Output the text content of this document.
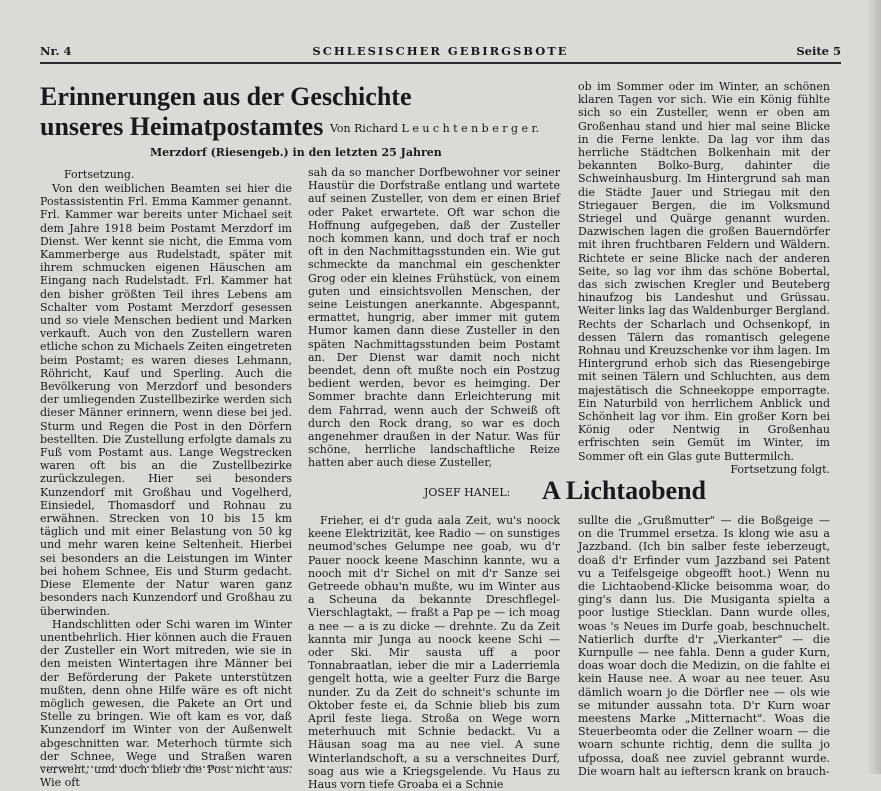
Nr. 4	SCHLESISCHER GEBIRGSBOTE	Seite 5
Erinnerungen aus der Geschichte
unseres Heimatpostamtes Von Richard L e u c h t e n b e r g e r.
Merzdorf (Riesengeb.) in den letzten 25 Jahren
Fortsetzung.

Von den weiblichen Beamten sei hier die Postassistentin Frl. Emma Kammer genannt. Frl. Kammer war bereits unter Michael seit dem Jahre 1918 beim Postamt Merzdorf im Dienst. Wer kennt sie nicht, die Emma vom Kammerberge aus Rudelstadt, später mit ihrem schmucken eigenen Häuschen am Eingang nach Rudelstadt. Frl. Kammer hat den bisher größten Teil ihres Lebens am Schalter vom Postamt Merzdorf gesessen und so viele Menschen bedient und Marken verkauft. Auch von den Zustellern waren etliche schon zu Michaels Zeiten eingetreten beim Postamt; es waren dieses Lehmann, Röhricht, Kauf und Sperling. Auch die Bevölkerung von Merzdorf und besonders der umliegenden Zustellbezirke werden sich dieser Männer erinnern, wenn diese bei jed. Sturm und Regen die Post in den Dörfern bestellten. Die Zustellung erfolgte damals zu Fuß vom Postamt aus. Lange Wegstrecken waren oft bis an die Zustellbezirke zurückzulegen. Hier sei besonders Kunzendorf mit Großhau und Vogelherd, Einsiedel, Thomasdorf und Rohnau zu erwähnen. Strecken von 10 bis 15 km täglich und mit einer Belastung von 50 kg und mehr waren keine Seltenheit. Hierbei sei besonders an die Leistungen im Winter bei hohem Schnee, Eis und Sturm gedacht. Diese Elemente der Natur waren ganz besonders nach Kunzendorf und Großhau zu überwinden.

Handschlitten oder Schi waren im Winter unentbehrlich. Hier können auch die Frauen der Zusteller ein Wort mitreden, wie sie in den meisten Wintertagen ihre Männer bei der Beförderung der Pakete unterstützen mußten, denn ohne Hilfe wäre es oft nicht möglich gewesen, die Pakete an Ort und Stelle zu bringen. Wie oft kam es vor, daß Kunzendorf im Winter von der Außenwelt abgeschnitten war. Meterhoch türmte sich der Schnee, Wege und Straßen waren verweht, und doch blieb die Post nicht aus. Wie oft

sah da so mancher Dorfbewohner vor seiner Haustür die Dorfstraße entlang und wartete auf seinen Zusteller, von dem er einen Brief oder Paket erwartete. Oft war schon die Hoffnung aufgegeben, daß der Zusteller noch kommen kann, und doch traf er noch oft in den Nachmittagsstunden ein. Wie gut schmeckte da manchmal ein geschenkter Grog oder ein kleines Frühstück, von einem guten und einsichtsvollen Menschen, der seine Leistungen anerkannte. Abgespannt, ermattet, hungrig, aber immer mit gutem Humor kamen dann diese Zusteller in den späten Nachmittagsstunden beim Postamt an. Der Dienst war damit noch nicht beendet, denn oft mußte noch ein Postzug bedient werden, bevor es heimging. Der Sommer brachte dann Erleichterung mit dem Fahrrad, wenn auch der Schweiß oft durch den Rock drang, so war es doch angenehmer draußen in der Natur. Was für schöne, herrliche landschaftliche Reize hatten aber auch diese Zusteller,

ob im Sommer oder im Winter, an schönen klaren Tagen vor sich. Wie ein König fühlte sich so ein Zusteller, wenn er oben am Großenhau stand und hier mal seine Blicke in die Ferne lenkte. Da lag vor ihm das herrliche Städtchen Bolkenhain mit der bekannten Bolko-Burg, dahinter die Schweinhausburg. Im Hintergrund sah man die Städte Jauer und Striegau mit den Striegauer Bergen, die im Volksmund Striegel und Quärge genannt wurden. Dazwischen lagen die großen Bauerndörfer mit ihren fruchtbaren Feldern und Wäldern. Richtete er seine Blicke nach der anderen Seite, so lag vor ihm das schöne Bobertal, das sich zwischen Kregler und Beuteberg hinaufzog bis Landeshut und Grüssau. Weiter links lag das Waldenburger Bergland. Rechts der Scharlach und Ochsenkopf, in dessen Tälern das romantisch gelegene Rohnau und Kreuzschenke vor ihm lagen. Im Hintergrund erhob sich das Riesengebirge mit seinen Tälern und Schluchten, aus dem majestätisch die Schneekoppe emporragte. Ein Naturbild von herrlichem Anblick und Schönheit lag vor ihm. Ein großer Korn bei König oder Nentwig in Großenhau erfrischten sein Gemüt im Winter, im Sommer oft ein Glas gute Buttermilch.

Fortsetzung folgt.
JOSEF HANEL: A Lichtaobend

Frieher, ei d'r guda aala Zeit, wu's noock keene Elektrizität, kee Radio — on sunstiges neumod'sches Gelumpe nee goab, wu d'r Pauer noock keene Maschinn kannte, wu a nooch mit d'r Sichel on mit d'r Sanze sei Getreede obhau'n mußte, wu im Winter aus a Scheuna da bekannte Dreschflegel-Vierschlagtakt, — fraßt a Pap pe — ich moag a nee — a is zu dicke — drehnte. Zu da Zeit kannta mir Junga au noock keene Schi — oder Ski. Mir sausta uff a poor Tonnabraatlan, ieber die mir a Laderriemla gengelt hotta, wie a geelter Furz die Barge nunder. Zu da Zeit do schneit's schunte im Oktober feste ei, da Schnie blieb bis zum April feste liega. Stroßa on Wege worn meterhuuch mit Schnie bedackt. Vu a Häusan soag ma au nee viel. A sune Winterlandschoft, a su a verschneites Durf, soag aus wie a Kriegsgelende. Vu Haus zu Haus vorn tiefe Groaba ei a Schnie

sullte die „Grußmutter" — die Boßgeige — on die Trummel ersetza. Is klong wie asu a Jazzband. (Ich bin salber feste ieberzeugt, doaß d'r Erfinder vum Jazzband sei Patent vu a Teifelsgeige obgeofft hoot.) Wenn nu die Lichtaobend-Klicke beisomma woar, do ging's dann lus. Die Musiganta spielta a poor lustige Stiecklan. Dann wurde olles, woas 's Neues im Durfe goab, beschnuchelt. Natierlich durfte d'r „Vierkanter" — die Kurnpulle — nee fahla. Denn a guder Kurn, doas woar doch die Medizin, on die fahlte ei kein Hause nee. A woar au nee teuer. Asu dämlich woarn jo die Dörfler nee — ols wie se mitunder aussahn tota. D'r Kurn woar meestens Marke „Mitternacht". Woas die Steuerbeomta oder die Zellner woarn — die woarn schunte richtig, denn die sullta jo ufpossa, doaß nee zuviel gebrannt wurde. Die woarn halt au iefterscn krank on brauch-
